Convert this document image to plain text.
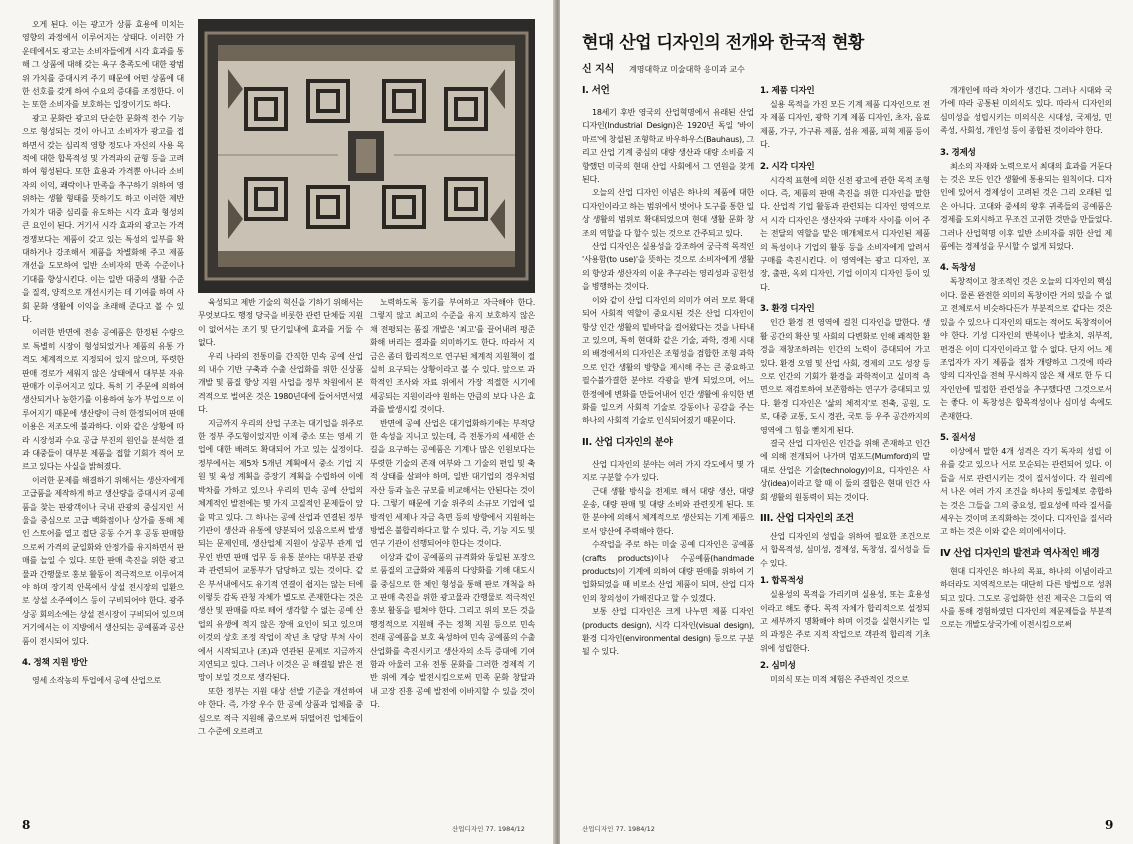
오게 된다. 이는 광고가 상품 효용에 미치는 영향의 과정에서 이루어지는 상태다. 이러한 가운데에서도 광고는 소비자들에게 시각 효과를 통해 그 상품에 대해 갖는 욕구 충족도에 대한 광범위 가치를 증대시켜 주기 때문에 어떤 상품에 대한 선호를 갖게 하여 수요의 증대를 조정한다. 이는 또한 소비자를 보호하는 입장이기도 하다.

광고 문화란 광고의 단순한 문화적 전수 기능으로 형성되는 것이 아니고 소비자가 광고를 접하면서 갖는 심리적 영향 정도나 자신의 사용 목적에 대한 합목적성 및 가격과의 균형 등을 고려하여 형성된다. 또한 효용과 가격뿐 아니라 소비자의 이익, 쾌락이나 만족을 추구하기 위하여 영위하는 생활 형태를 뜻하기도 하고 이러한 제반 가치가 대중 심리를 유도하는 시각 효과 형성의 큰 요인이 된다. 거기서 시각 효과의 광고는 가격 경쟁보다는 제품이 갖고 있는 특성의 일부를 확대하거나 강조해서 제품을 차별화해 주고 제품 개선을 도모하여 일반 소비자의 만족 수준이나 기대를 향상시킨다. 이는 일반 대중의 생활 수준을 질적, 양적으로 개선시키는 데 기여를 하며 사회 문화 생활에 이익을 초래해 준다고 볼 수 있다.

이러한 반면에 전송 공예품은 한정된 수량으로 특별히 시장이 형성되었거나 제품의 유통 가격도 체계적으로 지정되어 있지 않으며, 뚜렷한 판매 경로가 세워지 않은 상태에서 대부분 자유 판매가 이루어지고 있다. 특히 기 주문에 의하여 생산되거나 농한기를 이용하여 농가 부업으로 이루어지기 때문에 생산량이 극히 한정되어며 판매 이용은 저조도에 불과하다. 이와 같은 상황에 따라 시장성과 수요 공급 부진의 원인을 분석한 결과 대중들이 대부분 제품을 접할 기회가 적어 모르고 있다는 사실을 밝혀졌다.

이러한 문제를 해결하기 위해서는 생산자에게 고급품을 제작하게 하고 생산량을 증대시켜 공예품을 찾는 판광객이나 국내 관광의 중심지인 서울을 중심으로 고급 백화점이나 상가를 통해 체인 스토어를 열고 접단 공동 수거 후 공동 판매함으로써 가격의 균일화와 안정가를 유지하면서 판매를 늘일 수 있다. 또한 판매 촉진을 위한 광고물과 간행물로 홍보 활동이 적극적으로 이루어져야 하며 장기적 안목에서 상설 전시장의 일환으로 상설 소주예이스 등이 구비되어야 한다. 광주 상공 회의소에는 상설 전시장이 구비되어 있으며 거기에서는 이 지방에서 생산되는 공예품과 공산품이 전시되어 있다.

4. 정책 지원 방안

영세 소작농의 투업에서 공예 산업으로

육성되고 제반 기술의 혁신을 기하기 위해서는 무엇보다도 행정 당국을 비롯한 관련 단체들 지원이 없어서는 조기 및 단기일내에 효과를 거둘 수 없다.

우리 나라의 전통미를 간직한 민속 공예 산업의 내수 기반 구축과 수출 산업화를 위한 신상품 개발 및 품질 향상 지원 사업을 정부 차원에서 본격적으로 벌여온 것은 1980년대에 들어서면서였다.

지금까지 우리의 산업 구조는 대기업을 위주로 한 정부 주도형이었지만 이제 중소 또는 영세 기업에 대한 배려도 확대되어 가고 있는 실정이다. 정부에서는 제5차 5개년 계획에서 중소 기업 지원 및 육성 계획을 증장기 계획을 수립하여 이에 박차를 가하고 있으나 우리의 민속 공예 산업의 체계적인 발전에는 몇 가지 고질적인 문제들이 앞을 막고 있다. 그 하나는 공예 산업과 연결된 정부 기관이 생산과 유통에 양분되어 있음으로써 발생되는 문제인데, 생산업체 지원이 상공부 관계 업무인 반면 판매 업무 등 유통 분야는 대부분 관광과 관련되어 교통부가 담당하고 있는 것이다. 같은 부서내에서도 유기적 연결이 쉽지는 않는 터에 이렇듯 감독 관청 자체가 별도로 존재한다는 것은 생산 및 판매를 따로 떼어 생각할 수 없는 공예 산업의 유생에 적지 않은 장애 요인이 되고 있으며 이것의 상호 조정 작업이 작년 초 당당 부처 사이에서 시작되고나 (조)과 연관된 문제로 지금까지 지연되고 있다. 그러나 이것은 곧 해결될 밝은 전망이 보일 것으로 생각된다.

또한 정부는 지원 대상 선발 기준을 개선하여야 한다. 즉, 가장 우수 한 공예 상품과 업체를 중심으로 적극 지원해 줌으로써 뒤떨어진 업체들이 그 수준에 오르려고

노력하도록 동기를 부여하고 자극해야 한다. 그렇지 않고 최고의 수준을 유지 보호하지 않은 채 전평되는 품질 개발은 '최고'를 끌어내려 평준화해 버리는 결과를 의미하기도 한다. 따라서 지금은 좀더 합리적으로 연구된 체계적 지원책이 절실히 요구되는 상황이라고 볼 수 있다. 앞으로 과학적인 조사와 자료 위에서 가장 적절한 시기에 세공되는 지원이라야 원하는 만큼의 보다 나은 효과를 발생시킬 것이다.

반면에 공예 산업은 대기업화하기에는 부적당한 속성을 지니고 있는데, 즉 전통가의 세세한 손길을 요구하는 공예품은 기계나 많은 인원보다는 뚜렷한 기술의 존재 여부와 그 기술의 편입 및 축적 상태를 살펴야 하며, 일반 대기업의 경우처럼 자산 등과 높은 규모를 비교해서는 안된다는 것이다. 그렇기 때문에 기술 위주의 소규모 기업에 일방적인 세제나 자금 측면 등의 방향에서 지원하는 방법은 불합리하다고 할 수 있다. 즉, 기능 지도 및 연구 기관이 선행되어야 한다는 것이다.

이상과 같이 공예품의 규격화와 동일된 포장으로 품질의 고급화와 제품의 다양화를 기해 대도시를 중심으로 한 체인 형성을 통해 판로 개척을 하고 판매 촉진을 위한 광고물과 간행물로 적극적인 홍보 활동을 펼쳐야 한다. 그리고 위의 모든 것을 행정적으로 지원해 주는 정책 지원 등으로 민속 전래 공예품을 보호 육성하여 민속 공예품의 수출 산업화를 촉진시키고 생산자의 소득 증대에 기여함과 아울러 고유 전통 문화를 그러한 경제적 기반 위에 계승 발전시킴으로써 민족 문화 창달과 내 고장 진흥 공예 발전에 이바지할 수 있을 것이다.

8	산업디자인 77. 1984/12
현대 산업 디자인의 전개와 한국적 현황
신 지식 계명대학교 미술대학 응미과 교수
I. 서언

18세기 후반 영국의 산업혁명에서 유래된 산업 디자인(Industrial Design)은 1920년 독일 '바이마르'에 창설된 조형학교 바우하우스(Bauhaus), 그리고 산업 기계 중심의 대량 생산과 대량 소비를 지향했던 미국의 현대 산업 사회에서 그 연원을 찾게 된다.

오늘의 산업 디자인 이념은 하나의 제품에 대한 디자인이라고 하는 범위에서 벗어나 도구를 통한 일상 생활의 범위로 확대되었으며 현대 생활 문화 창조의 역할을 다 할수 있는 것으로 간주되고 있다.

산업 디자인은 실용성을 강조하여 궁극적 목적인 '사용함(to use)'을 뜻하는 것으로 소비자에게 생활의 향상과 생산자의 이윤 추구라는 영리성과 공헌성을 병행하는 것이다.

이와 같이 산업 디자인의 의미가 여러 모로 확대되어 사회적 역할이 중요시된 것은 산업 디자인이 항상 인간 생활의 밑바닥을 걸어왔다는 것을 나타내고 있으며, 특히 현대화 같은 기술, 과학, 경제 시대의 배경에서의 디자인은 조형성을 겸합한 조형 과학으로 인간 생활의 방향을 제시해 주는 큰 중요하고 필수불가결한 분야로 각광을 받게 되었으며, 어느 한정에에 변화를 만들어내어 인간 생활에 유익한 변화를 일으켜 사회적 기술로 강동이나 공감을 주는 하나의 사회적 기술로 인식되어졌기 때문이다.

II. 산업 디자인의 분야

산업 디자인의 분야는 여러 가지 각도에서 몇 가지로 구분할 수가 있다.

근대 생활 방식을 전제로 해서 대량 생산, 대량 운송, 대량 판매 및 대량 소비와 관련짓게 된다. 또한 분야에 의해서 체계적으로 생산되는 기계 제품으로서 양산에 주력해야 한다.

수작업을 주로 하는 미술 공예 디자인은 공예품(crafts products)이나 수공예품(handmade products)이 기계에 의하여 대량 판매를 위하여 기업화되었을 때 비로소 산업 제품이 되며, 산업 디자인의 창의성이 가해진다고 할 수 있겠다.

보통 산업 디자인은 크게 나누면 제품 디자인(products design), 시각 디자인(visual design), 환경 디자인(environmental design) 등으로 구분될 수 있다.

1. 제품 디자인

실용 목적을 가진 모든 기계 제품 디자인으로 전자 제품 디자인, 광학 기계 제품 디자인, 초자, 음료 제품, 가구, 가구류 제품, 섬유 제품, 피혁 제품 등이다.

2. 시각 디자인

시각적 표현에 의한 신전 광고에 관한 목적 조형이다. 즉, 제품의 판매 촉진을 위한 디자인을 말한다. 산업적 기업 활동과 관련되는 디자인 영역으로서 시각 디자인은 생산자와 구매자 사이를 이어 주는 전달의 역할을 맡은 매개체로서 디자인된 제품의 특성이나 기업의 활동 등을 소비자에게 알려서 구매를 촉진시킨다. 이 영역에는 광고 디자인, 포장, 출판, 옥외 디자인, 기업 이미지 디자인 등이 있다.

3. 환경 디자인

인간 환경 전 영역에 걸친 디자인을 말한다. 생활 공간의 확산 및 사회의 다변화로 인해 쾌적한 환경을 재창조하려는 인간의 노력이 증대되어 가고 있다. 환경 오염 및 산업 사회, 경제의 고도 성장 등으로 인간의 기회가 환경을 과학적이고 실미적 측면으로 재검토하여 보존함하는 연구가 증대되고 있다. 환경 디자인은 '삶의 체적지'로 전축, 공원, 도로, 대중 교통, 도시 경관, 국토 등 우주 공간까지의 영역에 그 힘을 뻗치게 된다.

결국 산업 디자인은 인간을 위해 존재하고 인간에 의해 전개되어 나가며 멈포드(Mumford)의 말대로 산업은 기술(technology)이요, 디자인은 사상(idea)이라고 할 때 이 둘의 결합은 현대 인간 사회 생활의 원동력이 되는 것이다.

III. 산업 디자인의 조건

산업 디자인의 성립을 위하여 필요한 조건으로서 합목적성, 심미성, 경제성, 독창성, 질서성을 들 수 있다.

1. 합목적성

실용성의 목적을 가리키며 실용성, 또는 효용성이라고 해도 좋다. 목적 자체가 합리적으로 설정되고 세부까지 명확해야 하며 이것을 실현시키는 일의 과정은 주로 지적 작업으로 객관적 합리적 기초 위에 성립한다.

2. 심미성

미의식 또는 미적 체험은 주관적인 것으로

개개인에 따라 차이가 생긴다. 그러나 시대와 국가에 따라 공통된 미의식도 있다. 따라서 디자인의 심미성을 성립시키는 미의식은 시대성, 국제성, 민족성, 사회성, 개인성 등이 종합된 것이라야 한다.

3. 경제성

최소의 자재와 노력으로서 최대의 효과를 거둔다는 것은 모든 인간 생활에 통용되는 원칙이다. 디자인에 있어서 경제성이 고려된 것은 그리 오래된 일은 아니다. 고대와 중세의 왕후 귀족들의 공예품은 경제를 도외시하고 무조건 고귀한 것만을 만들었다. 그러나 산업혁명 이후 일반 소비자를 위한 산업 제품에는 경제성을 무시할 수 없게 되었다.

4. 독창성

독창적이고 창조적인 것은 오늘의 디자인의 핵심이다. 물론 완전한 의미의 독창이란 거의 있을 수 없고 전체로서 비슷하다든가 부분적으로 같다는 것은 있을 수 있으나 디자인의 태도는 적어도 독창적이어야 한다. 기성 디자인의 반복이나 발초치, 위부적, 편경은 이미 디자인이라고 할 수 없다. 단지 어느 제조업자가 자기 제품을 점차 개량하고 그것에 따라 양의 디자인을 전혀 무시하지 않은 채 새로 한 두 디자인안에 밀접한 관련성을 추구했다면 그것으로서는 좋다. 이 독창성은 합목적성이나 심미성 속에도 존재한다.

5. 질서성

이상에서 말한 4개 성격은 각기 독자의 성립 이유를 갖고 있으나 서로 모순되는 관련되어 있다. 이들을 서로 관련시키는 것이 질서성이다. 각 원리에서 나온 여러 가지 조건을 하나의 통일체로 총합하는 것은 그들을 그의 중요성, 필요성에 따라 질서를 세우는 것이며 조직화하는 것이다. 디자인을 질서라고 하는 것은 이와 같은 의미에서이다.

IV 산업 디자인의 발전과 역사적인 배경

현대 디자인은 하나의 목표, 하나의 이념이라고 하더라도 지역적으로는 대단히 다른 방법으로 성취되고 있다. 그도로 공업화한 선진 제국은 그들의 역사를 통해 경험하였던 디자인의 제문제들을 부분적으로는 개발도상국가에 이전시킴으로써

산업디자인 77. 1984/12	9
